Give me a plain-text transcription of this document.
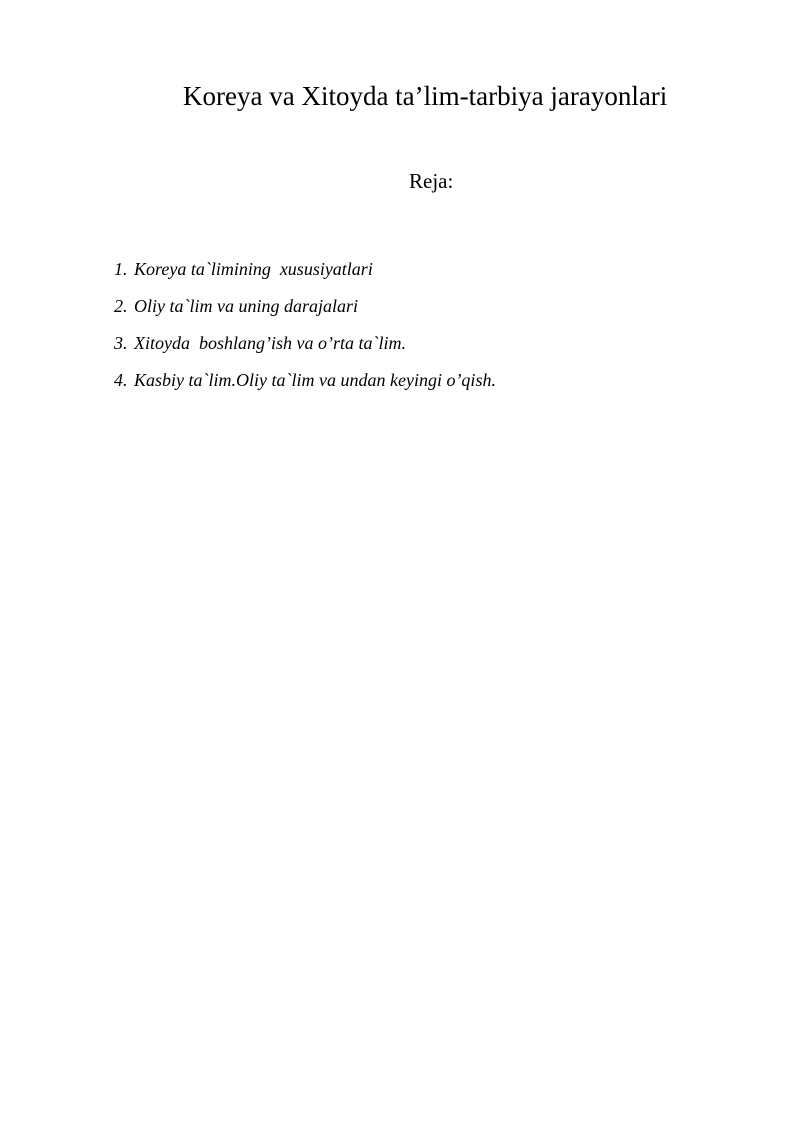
Koreya va Xitoyda ta’lim-tarbiya jarayonlari
Reja:
1. Koreya ta`limining  xususiyatlari
2. Oliy ta`lim va uning darajalari
3. Xitoyda  boshlang’ish va o’rta ta`lim.
4. Kasbiy ta`lim.Oliy ta`lim va undan keyingi o’qish.
